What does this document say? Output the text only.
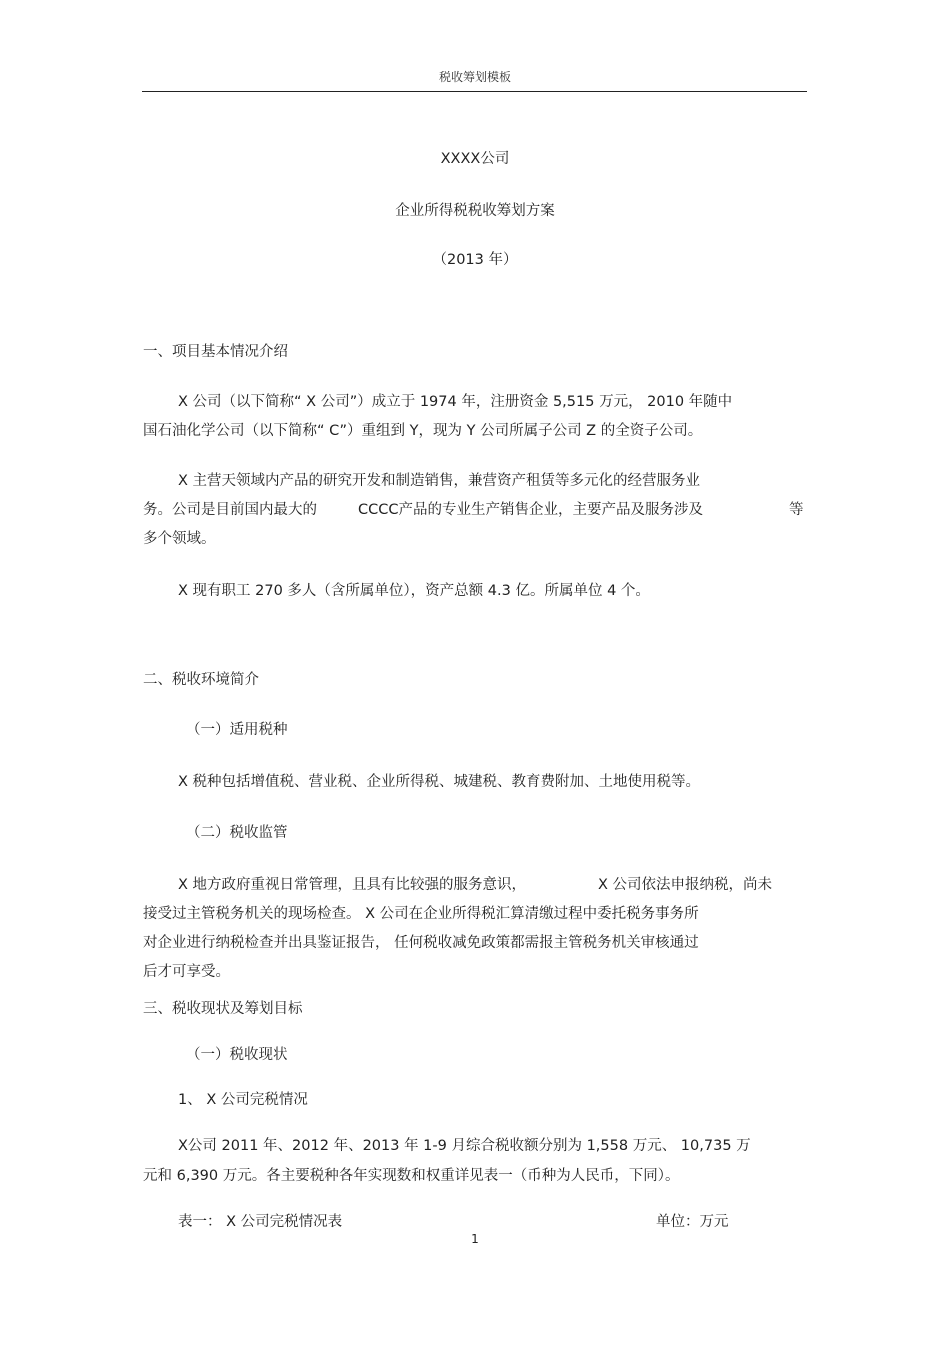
税收筹划模板
XXXX公司
企业所得税税收筹划方案
（2013 年）
一、项目基本情况介绍
X 公司（以下简称“ X 公司”）成立于 1974 年，注册资金 5,515 万元， 2010 年随中
国石油化学公司（以下简称“ C”）重组到 Y，现为 Y 公司所属子公司 Z 的全资子公司。
X 主营天领域内产品的研究开发和制造销售，兼营资产租赁等多元化的经营服务业
务。公司是目前国内最大的	CCCC产品的专业生产销售企业，主要产品及服务涉及	等
多个领域。
X 现有职工 270 多人（含所属单位），资产总额 4.3 亿。所属单位 4 个。
二、税收环境简介
（一）适用税种
X 税种包括增值税、营业税、企业所得税、城建税、教育费附加、土地使用税等。
（二）税收监管
X 地方政府重视日常管理，且具有比较强的服务意识，	X 公司依法申报纳税，尚未
接受过主管税务机关的现场检查。 X 公司在企业所得税汇算清缴过程中委托税务事务所
对企业进行纳税检查并出具鉴证报告， 任何税收减免政策都需报主管税务机关审核通过
后才可享受。
三、税收现状及筹划目标
（一）税收现状
1、 X 公司完税情况
X公司 2011 年、2012 年、2013 年 1-9 月综合税收额分别为 1,558 万元、 10,735 万
元和 6,390 万元。各主要税种各年实现数和权重详见表一（币种为人民币，下同）。
表一： X 公司完税情况表	单位：万元
1
